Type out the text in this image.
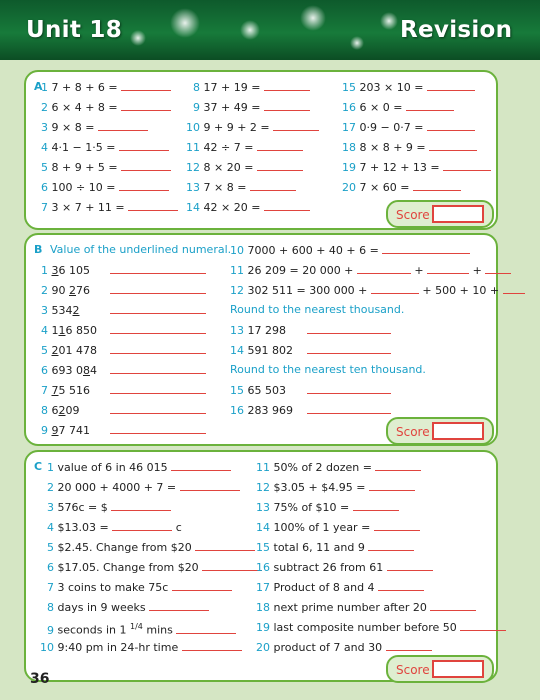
Unit 18	Revision
A
1 7 + 8 + 6 =
2 6 × 4 + 8 =
3 9 × 8 =
4 4·1 − 1·5 =
5 8 + 9 + 5 =
6 100 ÷ 10 =
7 3 × 7 + 11 =
8 17 + 19 =
9 37 + 49 =
10 9 + 9 + 2 =
11 42 ÷ 7 =
12 8 × 20 =
13 7 × 8 =
14 42 × 20 =
15 203 × 10 =
16 6 × 0 =
17 0·9 − 0·7 =
18 8 × 8 + 9 =
19 7 + 12 + 13 =
20 7 × 60 =
Score
B Value of the underlined numeral.
1 36 105
2 90 276
3 5342
4 116 850
5 201 478
6 693 084
7 75 516
8 6209
9 97 741
10 7000 + 600 + 40 + 6 =
11 26 209 = 20 000 +	+	+
12 302 511 = 300 000 +	+ 500 + 10 +
Round to the nearest thousand.
13 17 298
14 591 802
Round to the nearest ten thousand.
15 65 503
16 283 969
Score
C 1 value of 6 in 46 015
2 20 000 + 4000 + 7 =
3 576c = $
4 $13.03 =	c
5 $2.45. Change from $20
6 $17.05. Change from $20
7 3 coins to make 75c
8 days in 9 weeks
9 seconds in 1 1/4 mins
10 9:40 pm in 24-hr time
11 50% of 2 dozen =
12 $3.05 + $4.95 =
13 75% of $10 =
14 100% of 1 year =
15 total 6, 11 and 9
16 subtract 26 from 61
17 Product of 8 and 4
18 next prime number after 20
19 last composite number before 50
20 product of 7 and 30
Score
36
